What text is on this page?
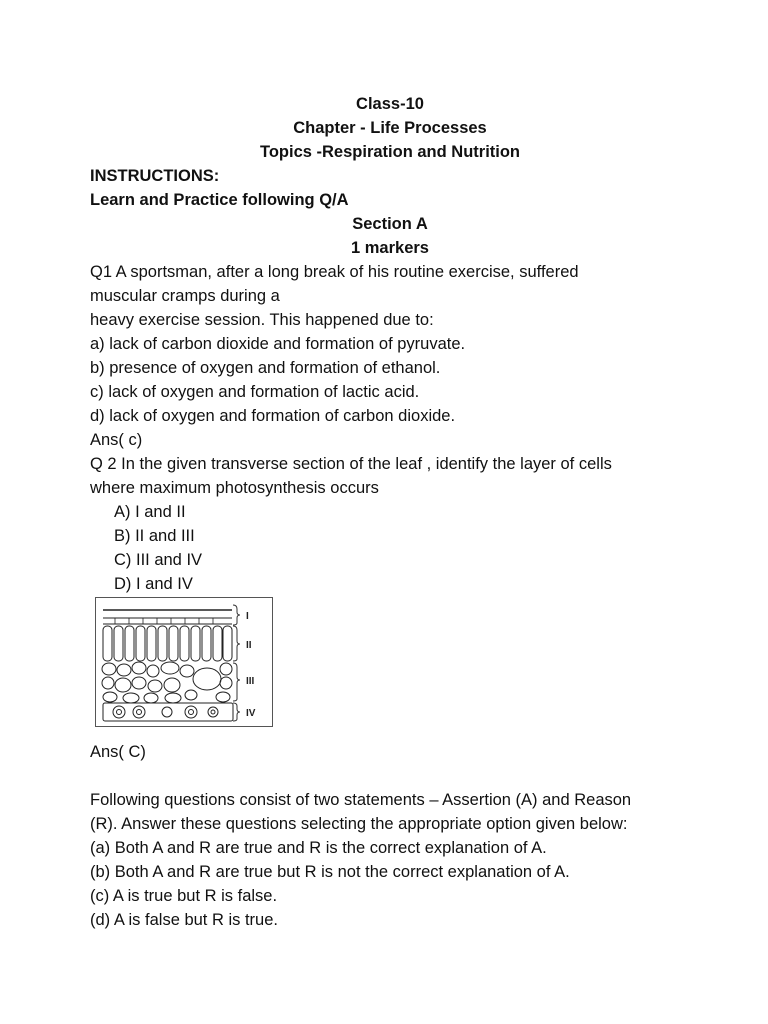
Class-10
Chapter - Life Processes
Topics -Respiration and Nutrition
INSTRUCTIONS:
Learn and Practice following Q/A
Section A
1 markers
Q1 A sportsman, after a long break of his routine exercise, suffered
muscular cramps during a
heavy exercise session. This happened due to:
a) lack of carbon dioxide and formation of pyruvate.
b) presence of oxygen and formation of ethanol.
c) lack of oxygen and formation of lactic acid.
d) lack of oxygen and formation of carbon dioxide.
Ans( c)
Q 2 In the given transverse section of the leaf , identify the layer of cells
where maximum photosynthesis occurs
A) I and II
B) II and III
C) III and IV
D) I and IV
Ans( C)
Following questions consist of two statements – Assertion (A) and Reason
(R). Answer these questions selecting the appropriate option given below:
(a) Both A and R are true and R is the correct explanation of A.
(b) Both A and R are true but R is not the correct explanation of A.
(c) A is true but R is false.
(d) A is false but R is true.
I
II
III
IV
